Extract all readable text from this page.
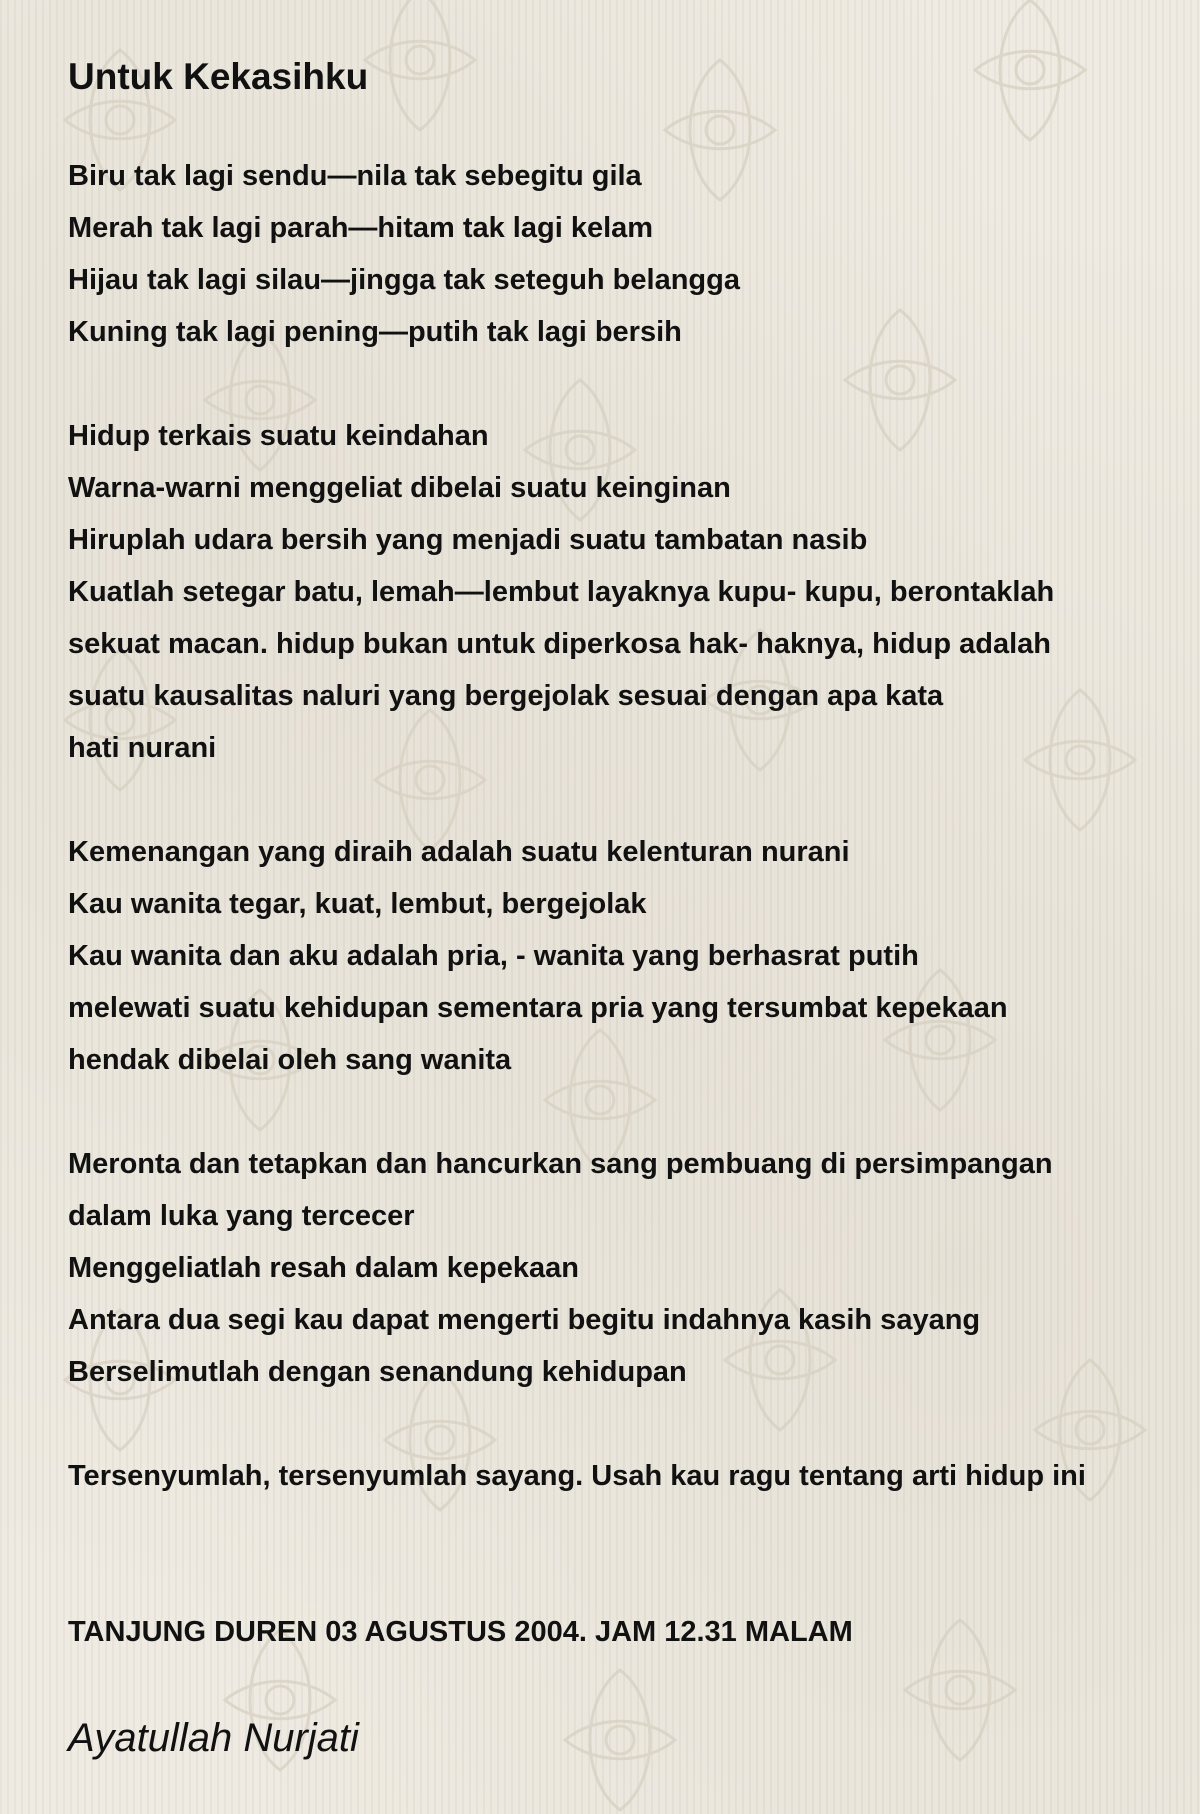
Untuk Kekasihku
Biru tak lagi sendu—nila tak sebegitu gila
Merah tak lagi parah—hitam tak lagi kelam
Hijau tak lagi silau—jingga tak seteguh belangga
Kuning tak lagi pening—putih tak lagi bersih
Hidup terkais suatu keindahan
Warna-warni menggeliat dibelai suatu keinginan
Hiruplah udara bersih yang menjadi suatu tambatan nasib
Kuatlah setegar batu, lemah—lembut layaknya kupu- kupu, berontaklah
sekuat macan. hidup bukan untuk diperkosa hak- haknya, hidup adalah
suatu kausalitas naluri yang bergejolak sesuai dengan apa kata
hati nurani
Kemenangan yang diraih adalah suatu kelenturan nurani
Kau wanita tegar, kuat, lembut, bergejolak
Kau wanita dan aku adalah pria, - wanita yang berhasrat putih
melewati suatu kehidupan sementara pria yang tersumbat kepekaan
hendak dibelai oleh sang wanita
Meronta dan tetapkan dan hancurkan sang pembuang di persimpangan
dalam luka yang tercecer
Menggeliatlah resah dalam kepekaan
Antara dua segi kau dapat mengerti begitu indahnya kasih sayang
Berselimutlah dengan senandung kehidupan
Tersenyumlah, tersenyumlah sayang. Usah kau ragu tentang arti hidup ini
TANJUNG DUREN 03 AGUSTUS 2004. JAM 12.31 MALAM
Ayatullah Nurjati
